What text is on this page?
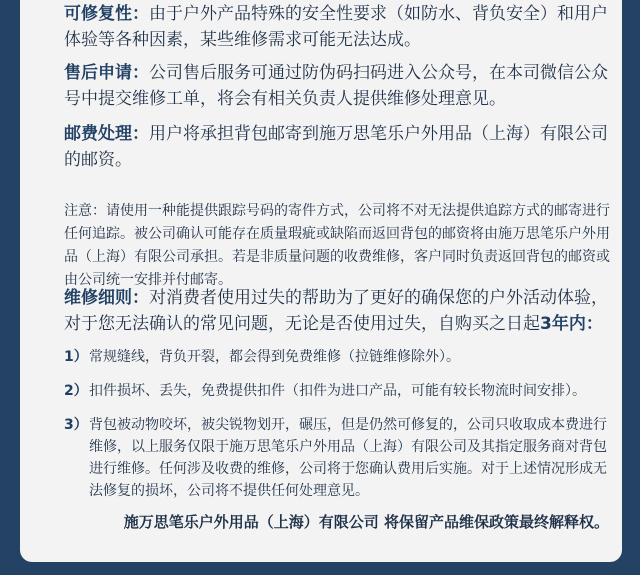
可修复性：由于户外产品特殊的安全性要求（如防水、背负安全）和用户体验等各种因素，某些维修需求可能无法达成。

售后申请：公司售后服务可通过防伪码扫码进入公众号，在本司微信公众号中提交维修工单，将会有相关负责人提供维修处理意见。

邮费处理：用户将承担背包邮寄到施万思笔乐户外用品（上海）有限公司的邮资。

注意：请使用一种能提供跟踪号码的寄件方式，公司将不对无法提供追踪方式的邮寄进行任何追踪。被公司确认可能存在质量瑕疵或缺陷而返回背包的邮资将由施万思笔乐户外用品（上海）有限公司承担。若是非质量问题的收费维修，客户同时负责返回背包的邮资或由公司统一安排并付邮寄。

维修细则：对消费者使用过失的帮助为了更好的确保您的户外活动体验，对于您无法确认的常见问题，无论是否使用过失，自购买之日起3年内：

1） 常规缝线，背负开裂，都会得到免费维修（拉链维修除外）。
2） 扣件损坏、丢失，免费提供扣件（扣件为进口产品，可能有较长物流时间安排）。
3） 背包被动物咬坏，被尖锐物划开，碾压，但是仍然可修复的，公司只收取成本费进行维修，以上服务仅限于施万思笔乐户外用品（上海）有限公司及其指定服务商对背包进行维修。任何涉及收费的维修，公司将于您确认费用后实施。对于上述情况形成无法修复的损坏，公司将不提供任何处理意见。
施万思笔乐户外用品（上海）有限公司 将保留产品维保政策最终解释权。
